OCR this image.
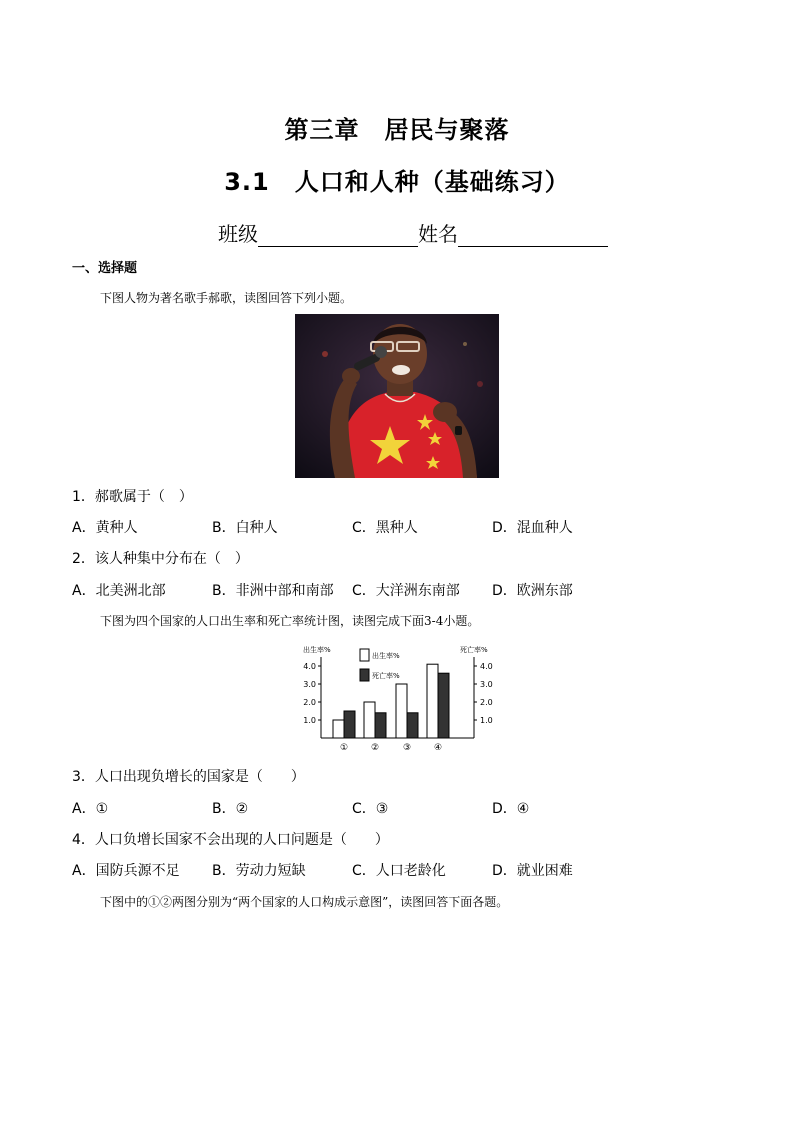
第三章　居民与聚落
3.1　人口和人种（基础练习）
班级	姓名
一、选择题
下图人物为著名歌手郝歌，读图回答下列小题。
1．郝歌属于（　）
A．黄种人	B．白种人	C．黑种人	D．混血种人
2．该人种集中分布在（　）
A．北美洲北部	B．非洲中部和南部 C．大洋洲东南部 D．欧洲东部
下图为四个国家的人口出生率和死亡率统计图，读图完成下面3-4小题。
1.0	1.0
2.0	2.0
3.0	3.0
4.0	4.0
出生率%	死亡率%
出生率%
死亡率%
①	②	③	④
3．人口出现负增长的国家是（　　）
A．①	B．②	C．③	D．④
4．人口负增长国家不会出现的人口问题是（　　）
A．国防兵源不足 B．劳动力短缺	C．人口老龄化	D．就业困难
下图中的①②两图分别为“两个国家的人口构成示意图”，读图回答下面各题。
